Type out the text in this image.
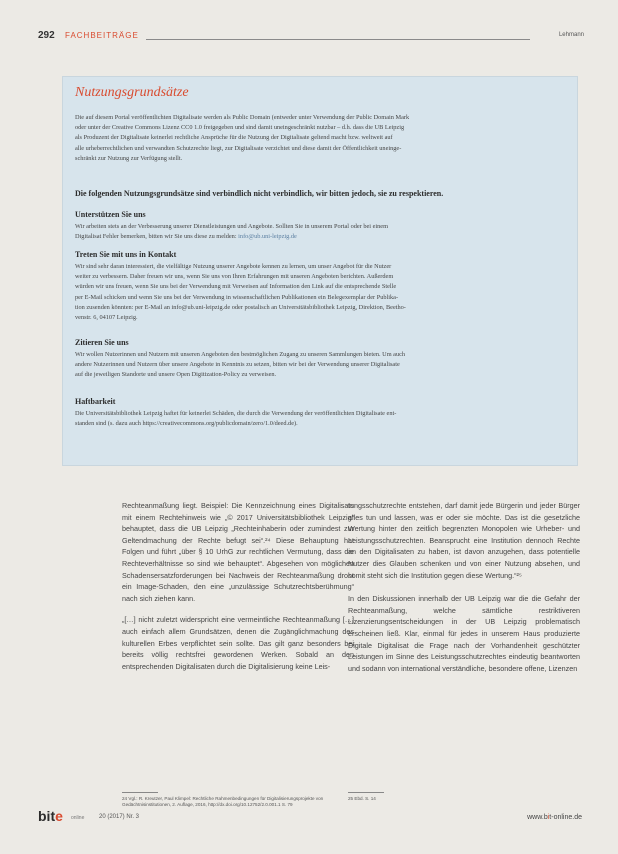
292 FACHBEITRÄGE	Lehmann
Nutzungsgrundsätze
Die auf diesem Portal veröffentlichten Digitalisate werden als Public Domain (entweder unter Verwendung der Public Domain Mark
oder unter der Creative Commons Lizenz CC0 1.0 freigegeben und sind damit uneingeschränkt nutzbar – d.h. dass die UB Leipzig
als Produzent der Digitalisate keinerlei rechtliche Ansprüche für die Nutzung der Digitalisate geltend macht bzw. weltweit auf
alle urheberrechtlichen und verwandten Schutzrechte liegt, zur Digitalisate verzichtet und diese damit der Öffentlichkeit uneinge-
schränkt zur Nutzung zur Verfügung stellt.
Die folgenden Nutzungsgrundsätze sind verbindlich nicht verbindlich, wir bitten jedoch, sie zu respektieren.
Unterstützen Sie uns
Wir arbeiten stets an der Verbesserung unserer Dienstleistungen und Angebote. Sollten Sie in unserem Portal oder bei einem
Digitalisat Fehler bemerken, bitten wir Sie uns diese zu melden: info@ub.uni-leipzig.de
Treten Sie mit uns in Kontakt
Wir sind sehr daran interessiert, die vielfältige Nutzung unserer Angebote kennen zu lernen, um unser Angebot für die Nutzer
weiter zu verbessern. Daher freuen wir uns, wenn Sie uns von Ihren Erfahrungen mit unseren Angeboten berichten. Außerdem
würden wir uns freuen, wenn Sie uns bei der Verwendung mit Verweisen auf Information den Link auf die entsprechende Stelle
per E-Mail schicken und wenn Sie uns bei der Verwendung in wissenschaftlichen Publikationen ein Belegexemplar der Publika-
tion zusenden könnten: per E-Mail an info@ub.uni-leipzig.de oder postalisch an Universitätsbibliothek Leipzig, Direktion, Beetho-
venstr. 6, 04107 Leipzig.
Zitieren Sie uns
Wir wollen Nutzerinnen und Nutzern mit unseren Angeboten den bestmöglichen Zugang zu unseren Sammlungen bieten. Um auch
andere Nutzerinnen und Nutzern über unsere Angebote in Kenntnis zu setzen, bitten wir bei der Verwendung unserer Digitalisate
auf die jeweiligen Standorte und unsere Open Digitization-Policy zu verweisen.
Haftbarkeit
Die Universitätsbibliothek Leipzig haftet für keinerlei Schäden, die durch die Verwendung der veröffentlichten Digitalisate ent-
standen sind (s. dazu auch https://creativecommons.org/publicdomain/zero/1.0/deed.de).

Rechteanmaßung liegt. Beispiel: Die Kennzeichnung eines Digitalisats mit einem Rechtehinweis wie „© 2017 Universitätsbibliothek Leipzig“ behauptet, dass die UB Leipzig „Rechteinhaberin oder zumindest zur Geltendmachung der Rechte befugt sei“.²⁴ Diese Behauptung hat Folgen und führt „über § 10 UrhG zur rechtlichen Vermutung, dass die Rechteverhältnisse so sind wie behauptet“. Abgesehen von möglichen Schadensersatzforderungen bei Nachweis der Rechteanmaßung droht ein Image-Schaden, den eine „unzulässige Schutzrechtsberühmung“ nach sich ziehen kann.

„[…] nicht zuletzt widerspricht eine vermeintliche Rechteanmaßung […] auch einfach allem Grundsätzen, denen die Zugänglichmachung des kulturellen Erbes verpflichtet sein sollte. Das gilt ganz besonders bei bereits völlig rechtsfrei gewordenen Werken. Sobald an den entsprechenden Digitalisaten durch die Digitalisierung keine Leis-

24 Vgl.: R. Kreutzer, Paul Klimpel: Rechtliche Rahmenbedingungen für Digitalisierungsprojekte von Gedächtnisinstitutionen, 2. Auflage, 2016, http://dx.doi.org/10.12752/2.0.001.1 S. 79

tungsschutzrechte entstehen, darf damit jede Bürgerin und jeder Bürger alles tun und lassen, was er oder sie möchte. Das ist die gesetzliche Wertung hinter den zeitlich begrenzten Monopolen wie Urheber- und Leistungsschutzrechten. Beansprucht eine Institution dennoch Rechte an den Digitalisaten zu haben, ist davon anzugehen, dass potentielle Nutzer dies Glauben schenken und von einer Nutzung absehen, und somit steht sich die Institution gegen diese Wertung.“²⁵

In den Diskussionen innerhalb der UB Leipzig war die die Gefahr der Rechteanmaßung, welche sämtliche restriktiveren Lizenzierungsentscheidungen in der UB Leipzig problematisch erscheinen ließ. Klar, einmal für jedes in unserem Haus produzierte Digitale Digitalisat die Frage nach der Vorhandenheit geschützter Leistungen im Sinne des Leistungsschutzrechtes eindeutig beantworten und sodann von international verständliche, besondere offene, Lizenzen

25 Ebd. S. 14
bite online 20 (2017) Nr. 3	www.bit-online.de
